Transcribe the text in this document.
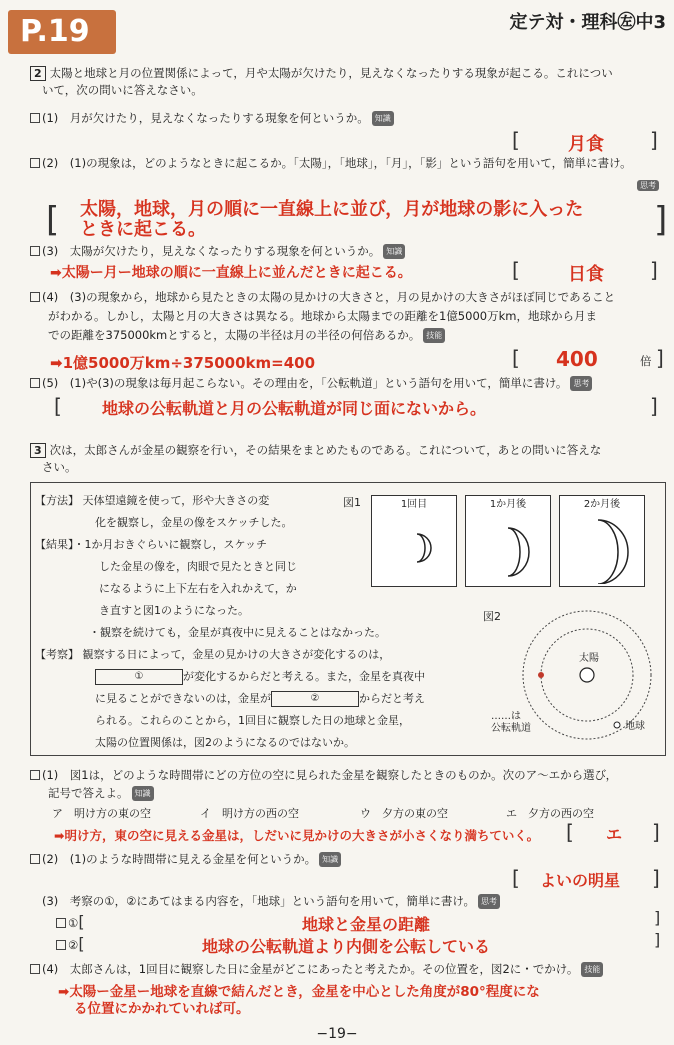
P.19	定テ対・理科㊧中3
2 太陽と地球と月の位置関係によって，月や太陽が欠けたり，見えなくなったりする現象が起こる。これについ
いて，次の問いに答えなさい。
(1)　 月が欠けたり，見えなくなったりする現象を何というか。 知識
[	月食 ]
(2)　 (1)の現象は，どのようなときに起こるか。「太陽」，「地球」，「月」，「影」という語句を用いて，簡単に書け。
思考
[ 太陽，地球，月の順に一直線上に並び，月が地球の影に入った
ときに起こる。	]
(3)　 太陽が欠けたり，見えなくなったりする現象を何というか。 知識
➡太陽ー月ー地球の順に一直線上に並んだときに起こる。	[	日食 ]
(4)　 (3)の現象から，地球から見たときの太陽の見かけの大きさと，月の見かけの大きさがほぼ同じであること
がわかる。しかし，太陽と月の大きさは異なる。地球から太陽までの距離を1億5000万km，地球から月ま
での距離を375000kmとすると，太陽の半径は月の半径の何倍あるか。 技能
➡1億5000万km÷375000km=400	[ 400	倍 ]
(5)　 (1)や(3)の現象は毎月起こらない。その理由を，「公転軌道」という語句を用いて，簡単に書け。 思考
[	地球の公転軌道と月の公転軌道が同じ面にないから。	]
3 次は，太郎さんが金星の観察を行い，その結果をまとめたものである。これについて，あとの問いに答えな
さい。
【方法】 天体望遠鏡を使って，形や大きさの変
化を観察し，金星の像をスケッチした。
【結果】・1か月おきぐらいに観察し，スケッチ
した金星の像を，肉眼で見たときと同じ
になるように上下左右を入れかえて，か
き直すと図1のようになった。
・観察を続けても，金星が真夜中に見えることはなかった。
【考察】 観察する日によって，金星の見かけの大きさが変化するのは，
①	が変化するからだと考える。また，金星を真夜中
に見ることができないのは，金星が	②	からだと考え
られる。これらのことから，1回目に観察した日の地球と金星，
太陽の位置関係は，図2のようになるのではないか。
図1	1回目	1か月後	2か月後
図2
太陽
地球
……は
公転軌道
(1)　 図1は，どのような時間帯にどの方位の空に見られた金星を観察したときのものか。次のア～エから選び，
記号で答えよ。 知識
ア　明け方の東の空	イ　明け方の西の空	ウ　夕方の東の空	エ　夕方の西の空
➡明け方，東の空に見える金星は，しだいに見かけの大きさが小さくなり満ちていく。 [ エ ]
(2)　 (1)のような時間帯に見える金星を何というか。 知識
[ よいの明星 ]
(3)　 考察の①，②にあてはまる内容を，「地球」という語句を用いて，簡単に書け。 思考
①[	地球と金星の距離	]
②[	地球の公転軌道より内側を公転している	]
(4)　 太郎さんは，1回目に観察した日に金星がどこにあったと考えたか。その位置を，図2に・でかけ。 技能
➡太陽ー金星ー地球を直線で結んだとき，金星を中心とした角度が80°程度にな
る位置にかかれていれば可。
−19−
